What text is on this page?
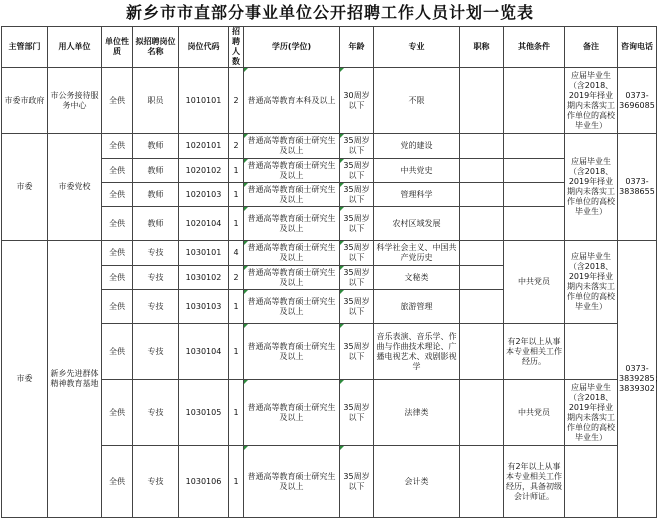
新乡市市直部分事业单位公开招聘工作人员计划一览表
主管部门	用人单位	单位性质	拟招聘岗位名称	岗位代码	招聘人数	学历(学位)	年龄	专业	职称	其他条件	备注	咨询电话
市委市政府	市公务接待服务中心	全供	职员	1010101	2	普通高等教育本科及以上	30周岁以下	不限			应届毕业生（含2018、2019年择业期内未落实工作单位的高校毕业生）	0373-3696085
市委	市委党校	全供	教师	1020101	2	普通高等教育硕士研究生及以上	35周岁以下	党的建设			应届毕业生（含2018、2019年择业期内未落实工作单位的高校毕业生）	0373-3838655
		全供	教师	1020102	1	普通高等教育硕士研究生及以上	35周岁以下	中共党史				
		全供	教师	1020103	1	普通高等教育硕士研究生及以上	35周岁以下	管理科学				
		全供	教师	1020104	1	普通高等教育硕士研究生及以上	35周岁以下	农村区域发展				
市委	新乡先进群体精神教育基地	全供	专技	1030101	4	普通高等教育硕士研究生及以上	35周岁以下	科学社会主义、中国共产党历史		中共党员	应届毕业生（含2018、2019年择业期内未落实工作单位的高校毕业生）	0373-3839285；3839302
		全供	专技	1030102	2	普通高等教育硕士研究生及以上	35周岁以下	文秘类				
		全供	专技	1030103	1	普通高等教育硕士研究生及以上	35周岁以下	旅游管理				
		全供	专技	1030104	1	普通高等教育硕士研究生及以上	35周岁以下	音乐表演、音乐学、作曲与作曲技术理论、广播电视艺术、戏剧影视学		有2年以上从事本专业相关工作经历。		
		全供	专技	1030105	1	普通高等教育硕士研究生及以上	35周岁以下	法律类		中共党员	应届毕业生（含2018、2019年择业期内未落实工作单位的高校毕业生）	
		全供	专技	1030106	1	普通高等教育硕士研究生及以上	35周岁以下	会计类		有2年以上从事本专业相关工作经历，具备初级会计师证。		
